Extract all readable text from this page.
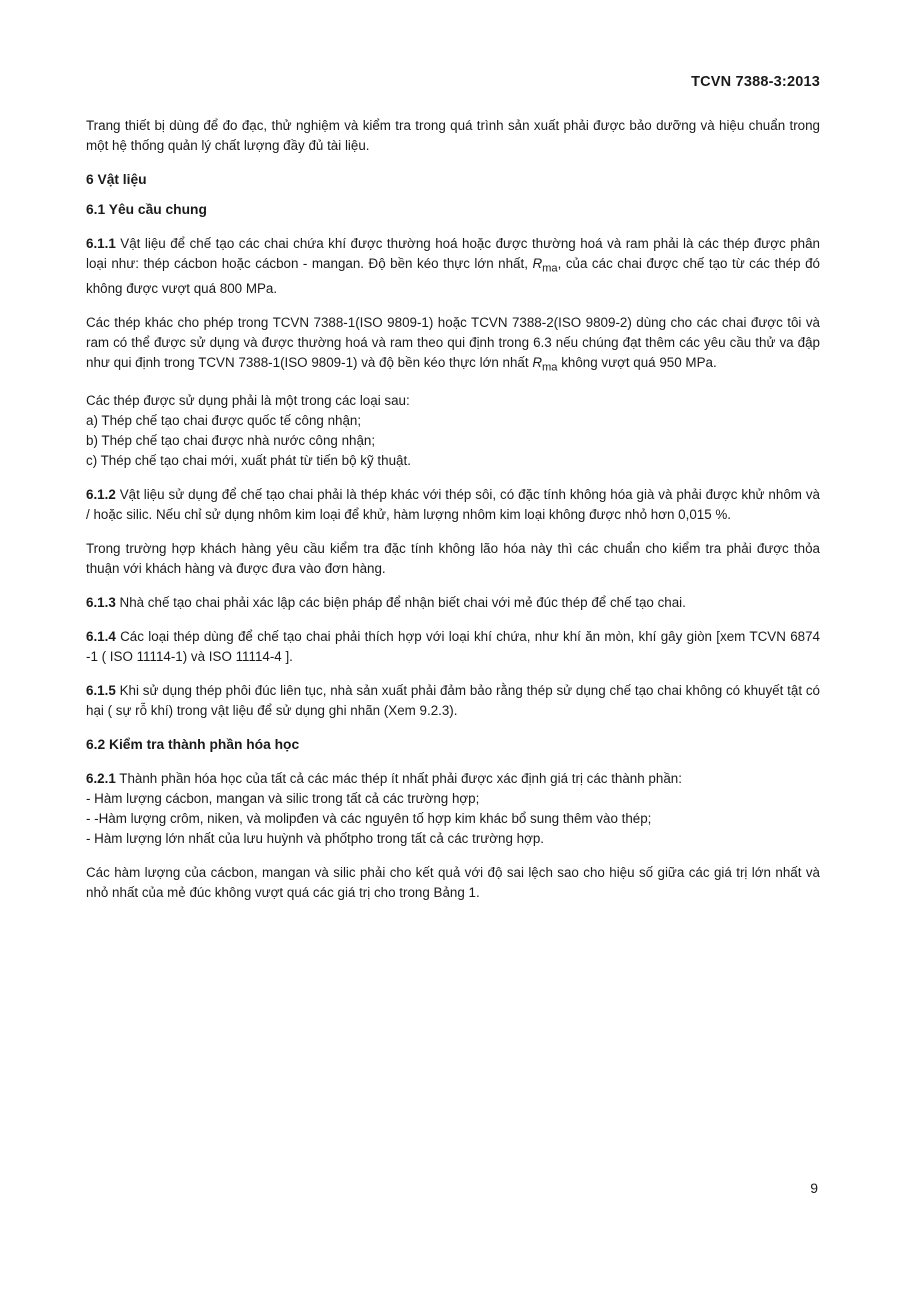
TCVN 7388-3:2013

Trang thiết bị dùng để đo đạc, thử nghiệm và kiểm tra trong quá trình sản xuất phải được bảo dưỡng và hiệu chuẩn trong một hệ thống quản lý chất lượng đầy đủ tài liệu.

6 Vật liệu
6.1 Yêu cầu chung

6.1.1 Vật liệu để chế tạo các chai chứa khí được thường hoá hoặc được thường hoá và ram phải là các thép được phân loại như: thép cácbon hoặc cácbon - mangan. Độ bền kéo thực lớn nhất, $R_{ma}$, của các chai được chế tạo từ các thép đó không được vượt quá 800 MPa.

Các thép khác cho phép trong TCVN 7388-1(ISO 9809-1) hoặc TCVN 7388-2(ISO 9809-2) dùng cho các chai được tôi và ram có thể được sử dụng và được thường hoá và ram theo qui định trong 6.3 nếu chúng đạt thêm các yêu cầu thử va đập như qui định trong TCVN 7388-1(ISO 9809-1) và độ bền kéo thực lớn nhất $R_{ma}$ không vượt quá 950 MPa.

Các thép được sử dụng phải là một trong các loại sau:

a) Thép chế tạo chai được quốc tế công nhận;

b) Thép chế tạo chai được nhà nước công nhận;

c) Thép chế tạo chai mới, xuất phát từ tiến bộ kỹ thuật.

6.1.2 Vật liệu sử dụng để chế tạo chai phải là thép khác với thép sôi, có đặc tính không hóa già và phải được khử nhôm và / hoặc silic. Nếu chỉ sử dụng nhôm kim loại để khử, hàm lượng nhôm kim loại không được nhỏ hơn 0,015 %.

Trong trường hợp khách hàng yêu cầu kiểm tra đặc tính không lão hóa này thì các chuẩn cho kiểm tra phải được thỏa thuận với khách hàng và được đưa vào đơn hàng.

6.1.3 Nhà chế tạo chai phải xác lập các biện pháp để nhận biết chai với mẻ đúc thép để chế tạo chai.

6.1.4 Các loại thép dùng để chế tạo chai phải thích hợp với loại khí chứa, như khí ăn mòn, khí gây giòn [xem TCVN 6874 -1 ( ISO 11114-1) và ISO 11114-4 ].

6.1.5 Khi sử dụng thép phôi đúc liên tục, nhà sản xuất phải đảm bảo rằng thép sử dụng chế tạo chai không có khuyết tật có hại ( sự rỗ khí) trong vật liệu để sử dụng ghi nhãn (Xem 9.2.3).

6.2 Kiểm tra thành phần hóa học

6.2.1 Thành phần hóa học của tất cả các mác thép ít nhất phải được xác định giá trị các thành phần:

- Hàm lượng cácbon, mangan và silic trong tất cả các trường hợp;

- -Hàm lượng crôm, niken, và molipđen và các nguyên tố hợp kim khác bổ sung thêm vào thép;

- Hàm lượng lớn nhất của lưu huỳnh và phốtpho trong tất cả các trường hợp.

Các hàm lượng của cácbon, mangan và silic phải cho kết quả với độ sai lệch sao cho hiệu số giữa các giá trị lớn nhất và nhỏ nhất của mẻ đúc không vượt quá các giá trị cho trong Bảng 1.

9
